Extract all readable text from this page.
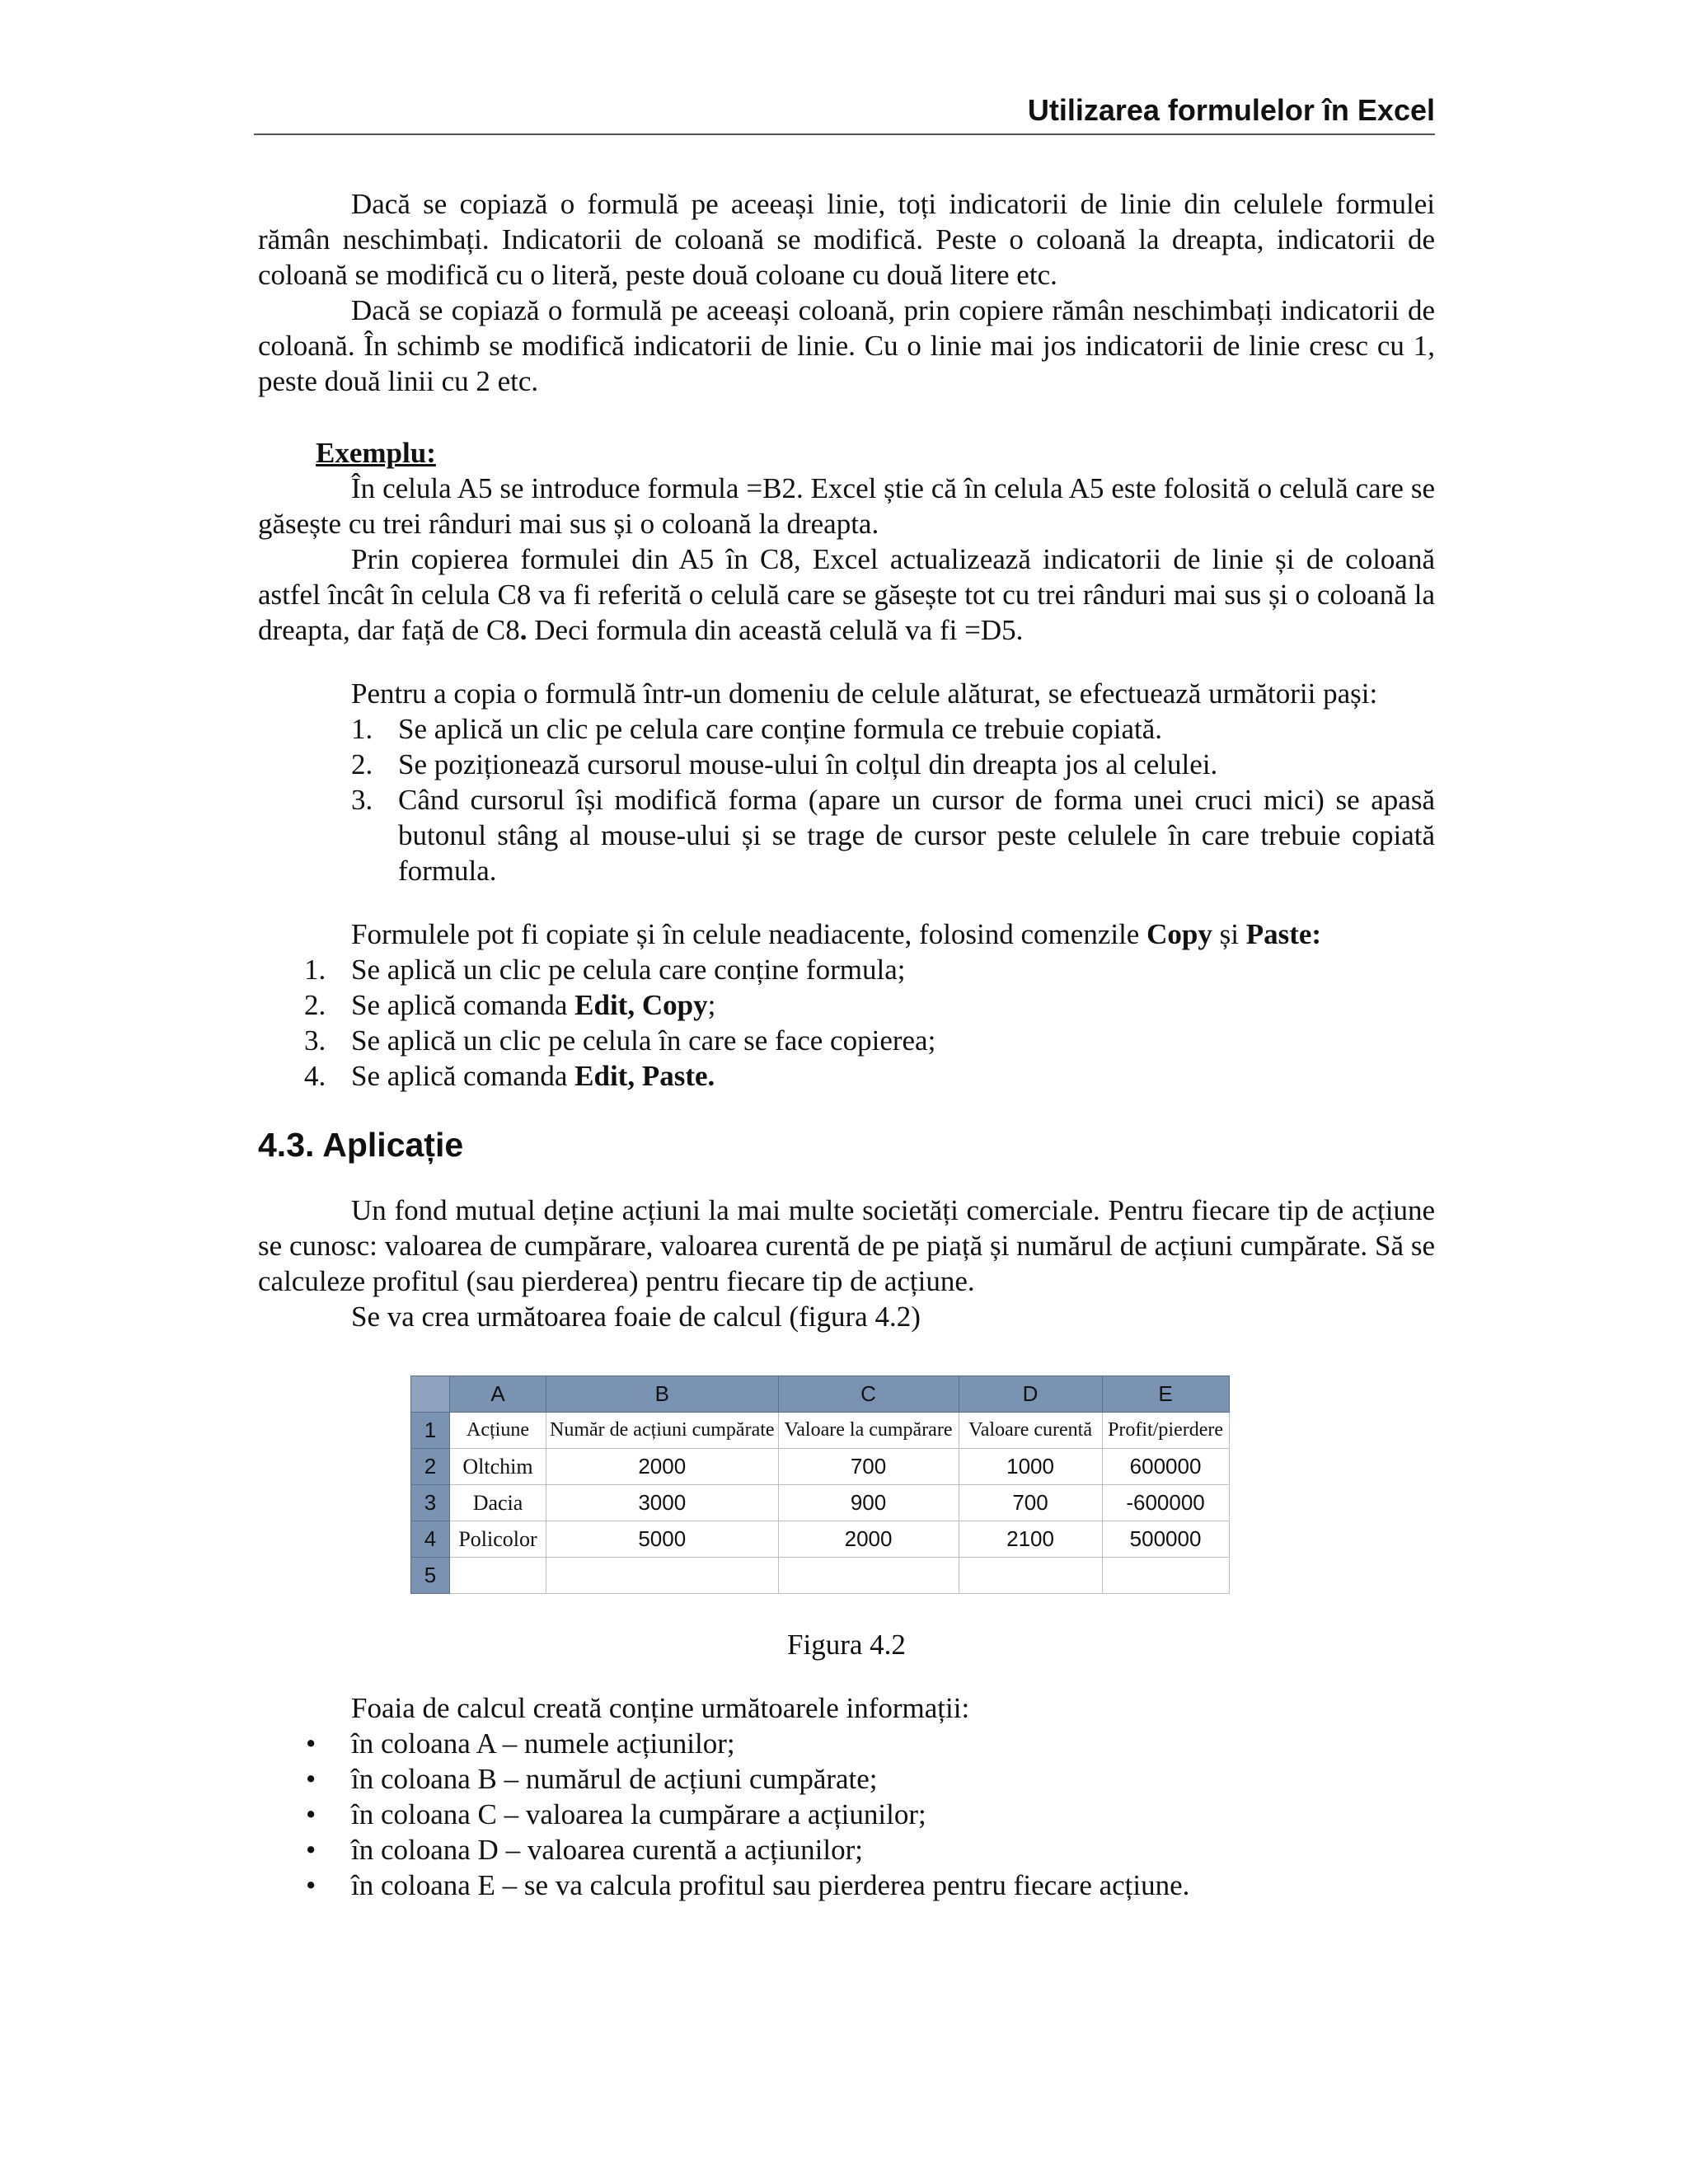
Utilizarea formulelor în Excel

Dacă se copiază o formulă pe aceeași linie, toți indicatorii de linie din celulele formulei rămân neschimbați. Indicatorii de coloană se modifică. Peste o coloană la dreapta, indicatorii de coloană se modifică cu o literă, peste două coloane cu două litere etc.

Dacă se copiază o formulă pe aceeași coloană, prin copiere rămân neschimbați indicatorii de coloană. În schimb se modifică indicatorii de linie. Cu o linie mai jos indicatorii de linie cresc cu 1, peste două linii cu 2 etc.

Exemplu:

În celula A5 se introduce formula =B2. Excel știe că în celula A5 este folosită o celulă care se găsește cu trei rânduri mai sus și o coloană la dreapta.

Prin copierea formulei din A5 în C8, Excel actualizează indicatorii de linie și de coloană astfel încât în celula C8 va fi referită o celulă care se găsește tot cu trei rânduri mai sus și o coloană la dreapta, dar față de C8. Deci formula din această celulă va fi =D5.

Pentru a copia o formulă într-un domeniu de celule alăturat, se efectuează următorii pași:

1. Se aplică un clic pe celula care conține formula ce trebuie copiată.
2. Se poziționează cursorul mouse-ului în colțul din dreapta jos al celulei.
3. Când cursorul își modifică forma (apare un cursor de forma unei cruci mici) se apasă butonul stâng al mouse-ului și se trage de cursor peste celulele în care trebuie copiată formula.

Formulele pot fi copiate și în celule neadiacente, folosind comenzile Copy și Paste:

1. Se aplică un clic pe celula care conține formula;
2. Se aplică comanda Edit, Copy;
3. Se aplică un clic pe celula în care se face copierea;
4. Se aplică comanda Edit, Paste.
4.3. Aplicație

Un fond mutual deține acțiuni la mai multe societăți comerciale. Pentru fiecare tip de acțiune se cunosc: valoarea de cumpărare, valoarea curentă de pe piață și numărul de acțiuni cumpărate. Să se calculeze profitul (sau pierderea) pentru fiecare tip de acțiune.

Se va crea următoarea foaie de calcul (figura 4.2)

	A	B	C	D	E
1	Acțiune	Număr de acțiuni cumpărate	Valoare la cumpărare	Valoare curentă	Profit/pierdere
2	Oltchim	2000	700	1000	600000
3	Dacia	3000	900	700	-600000
4	Policolor	5000	2000	2100	500000
5					

Figura 4.2

Foaia de calcul creată conține următoarele informații:

• în coloana A – numele acțiunilor;
• în coloana B – numărul de acțiuni cumpărate;
• în coloana C – valoarea la cumpărare a acțiunilor;
• în coloana D – valoarea curentă a acțiunilor;
• în coloana E – se va calcula profitul sau pierderea pentru fiecare acțiune.
